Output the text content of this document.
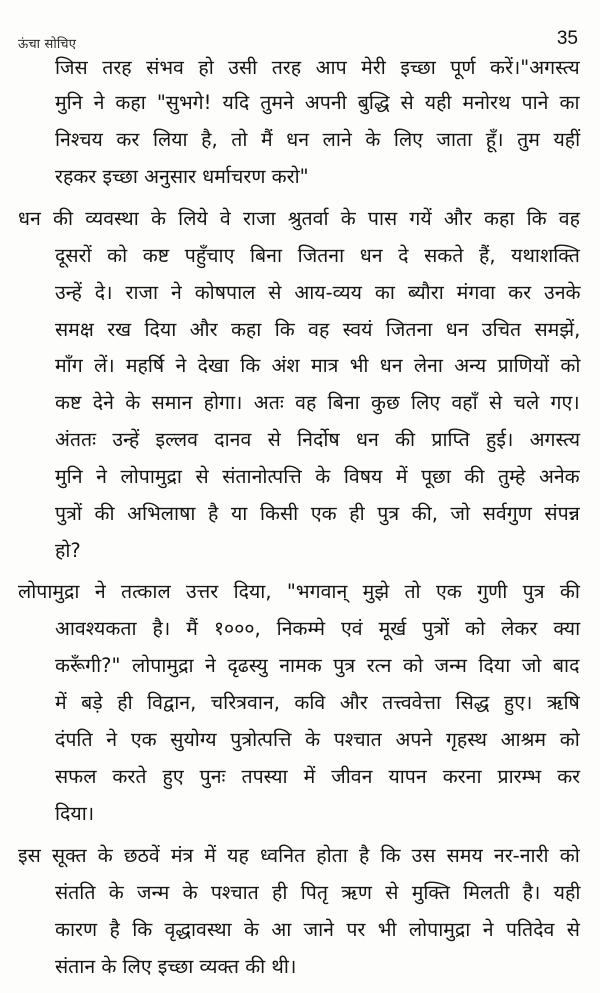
ऊंचा सोचिए	35
जिस तरह संभव हो उसी तरह आप मेरी इच्छा पूर्ण करें।"अगस्त्य
मुनि ने कहा "सुभगे! यदि तुमने अपनी बुद्धि से यही मनोरथ पाने का
निश्चय कर लिया है, तो मैं धन लाने के लिए जाता हूँ। तुम यहीं
रहकर इच्छा अनुसार धर्माचरण करो"
धन की व्यवस्था के लिये वे राजा श्रुतर्वा के पास गयें और कहा कि वह
दूसरों को कष्ट पहुँचाए बिना जितना धन दे सकते हैं, यथाशक्ति
उन्हें दे। राजा ने कोषपाल से आय-व्यय का ब्यौरा मंगवा कर उनके
समक्ष रख दिया और कहा कि वह स्वयं जितना धन उचित समझें,
माँग लें। महर्षि ने देखा कि अंश मात्र भी धन लेना अन्य प्राणियों को
कष्ट देने के समान होगा। अतः वह बिना कुछ लिए वहाँ से चले गए।
अंततः उन्हें इल्लव दानव से निर्दोष धन की प्राप्ति हुई। अगस्त्य
मुनि ने लोपामुद्रा से संतानोत्पत्ति के विषय में पूछा की तुम्हे अनेक
पुत्रों की अभिलाषा है या किसी एक ही पुत्र की, जो सर्वगुण संपन्न
हो?
लोपामुद्रा ने तत्काल उत्तर दिया, "भगवान् मुझे तो एक गुणी पुत्र की
आवश्यकता है। मैं १०००, निकम्मे एवं मूर्ख पुत्रों को लेकर क्या
करूँगी?" लोपामुद्रा ने दृढस्यु नामक पुत्र रत्न को जन्म दिया जो बाद
में बड़े ही विद्वान, चरित्रवान, कवि और तत्त्ववेत्ता सिद्ध हुए। ऋषि
दंपति ने एक सुयोग्य पुत्रोत्पत्ति के पश्चात अपने गृहस्थ आश्रम को
सफल करते हुए पुनः तपस्या में जीवन यापन करना प्रारम्भ कर
दिया।
इस सूक्त के छठवें मंत्र में यह ध्वनित होता है कि उस समय नर-नारी को
संतति के जन्म के पश्चात ही पितृ ऋण से मुक्ति मिलती है। यही
कारण है कि वृद्धावस्था के आ जाने पर भी लोपामुद्रा ने पतिदेव से
संतान के लिए इच्छा व्यक्त की थी।
